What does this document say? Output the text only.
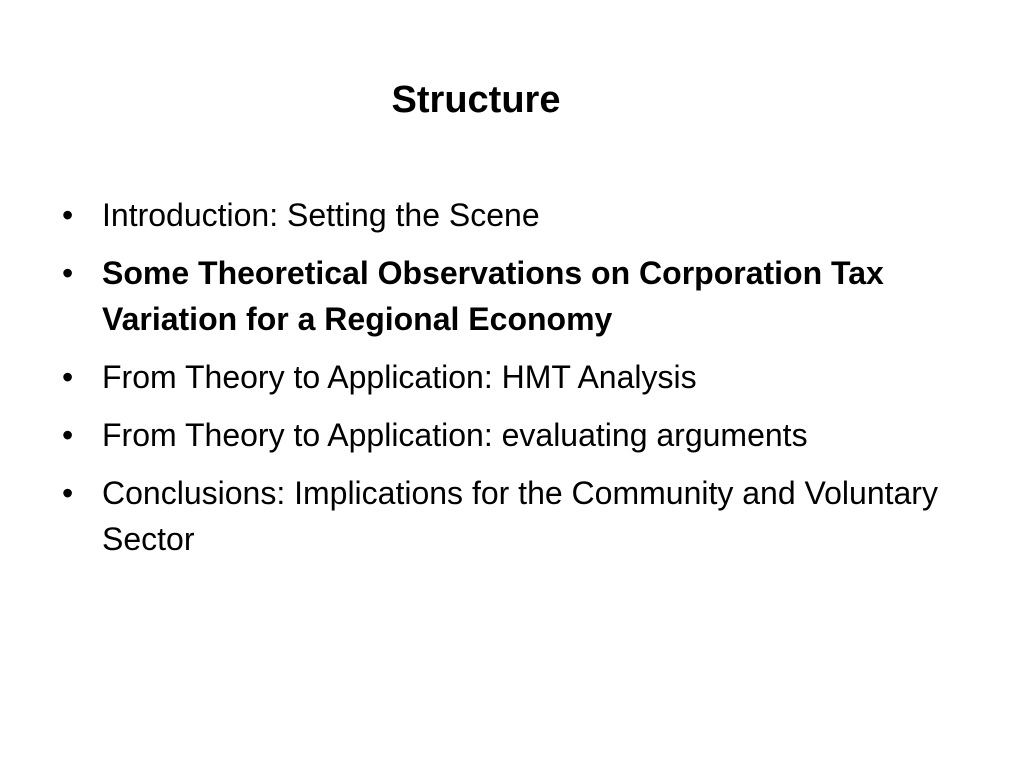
Structure
• Introduction: Setting the Scene
• Some Theoretical Observations on Corporation Tax Variation for a Regional Economy
• From Theory to Application: HMT Analysis
• From Theory to Application: evaluating arguments
• Conclusions: Implications for the Community and Voluntary Sector
